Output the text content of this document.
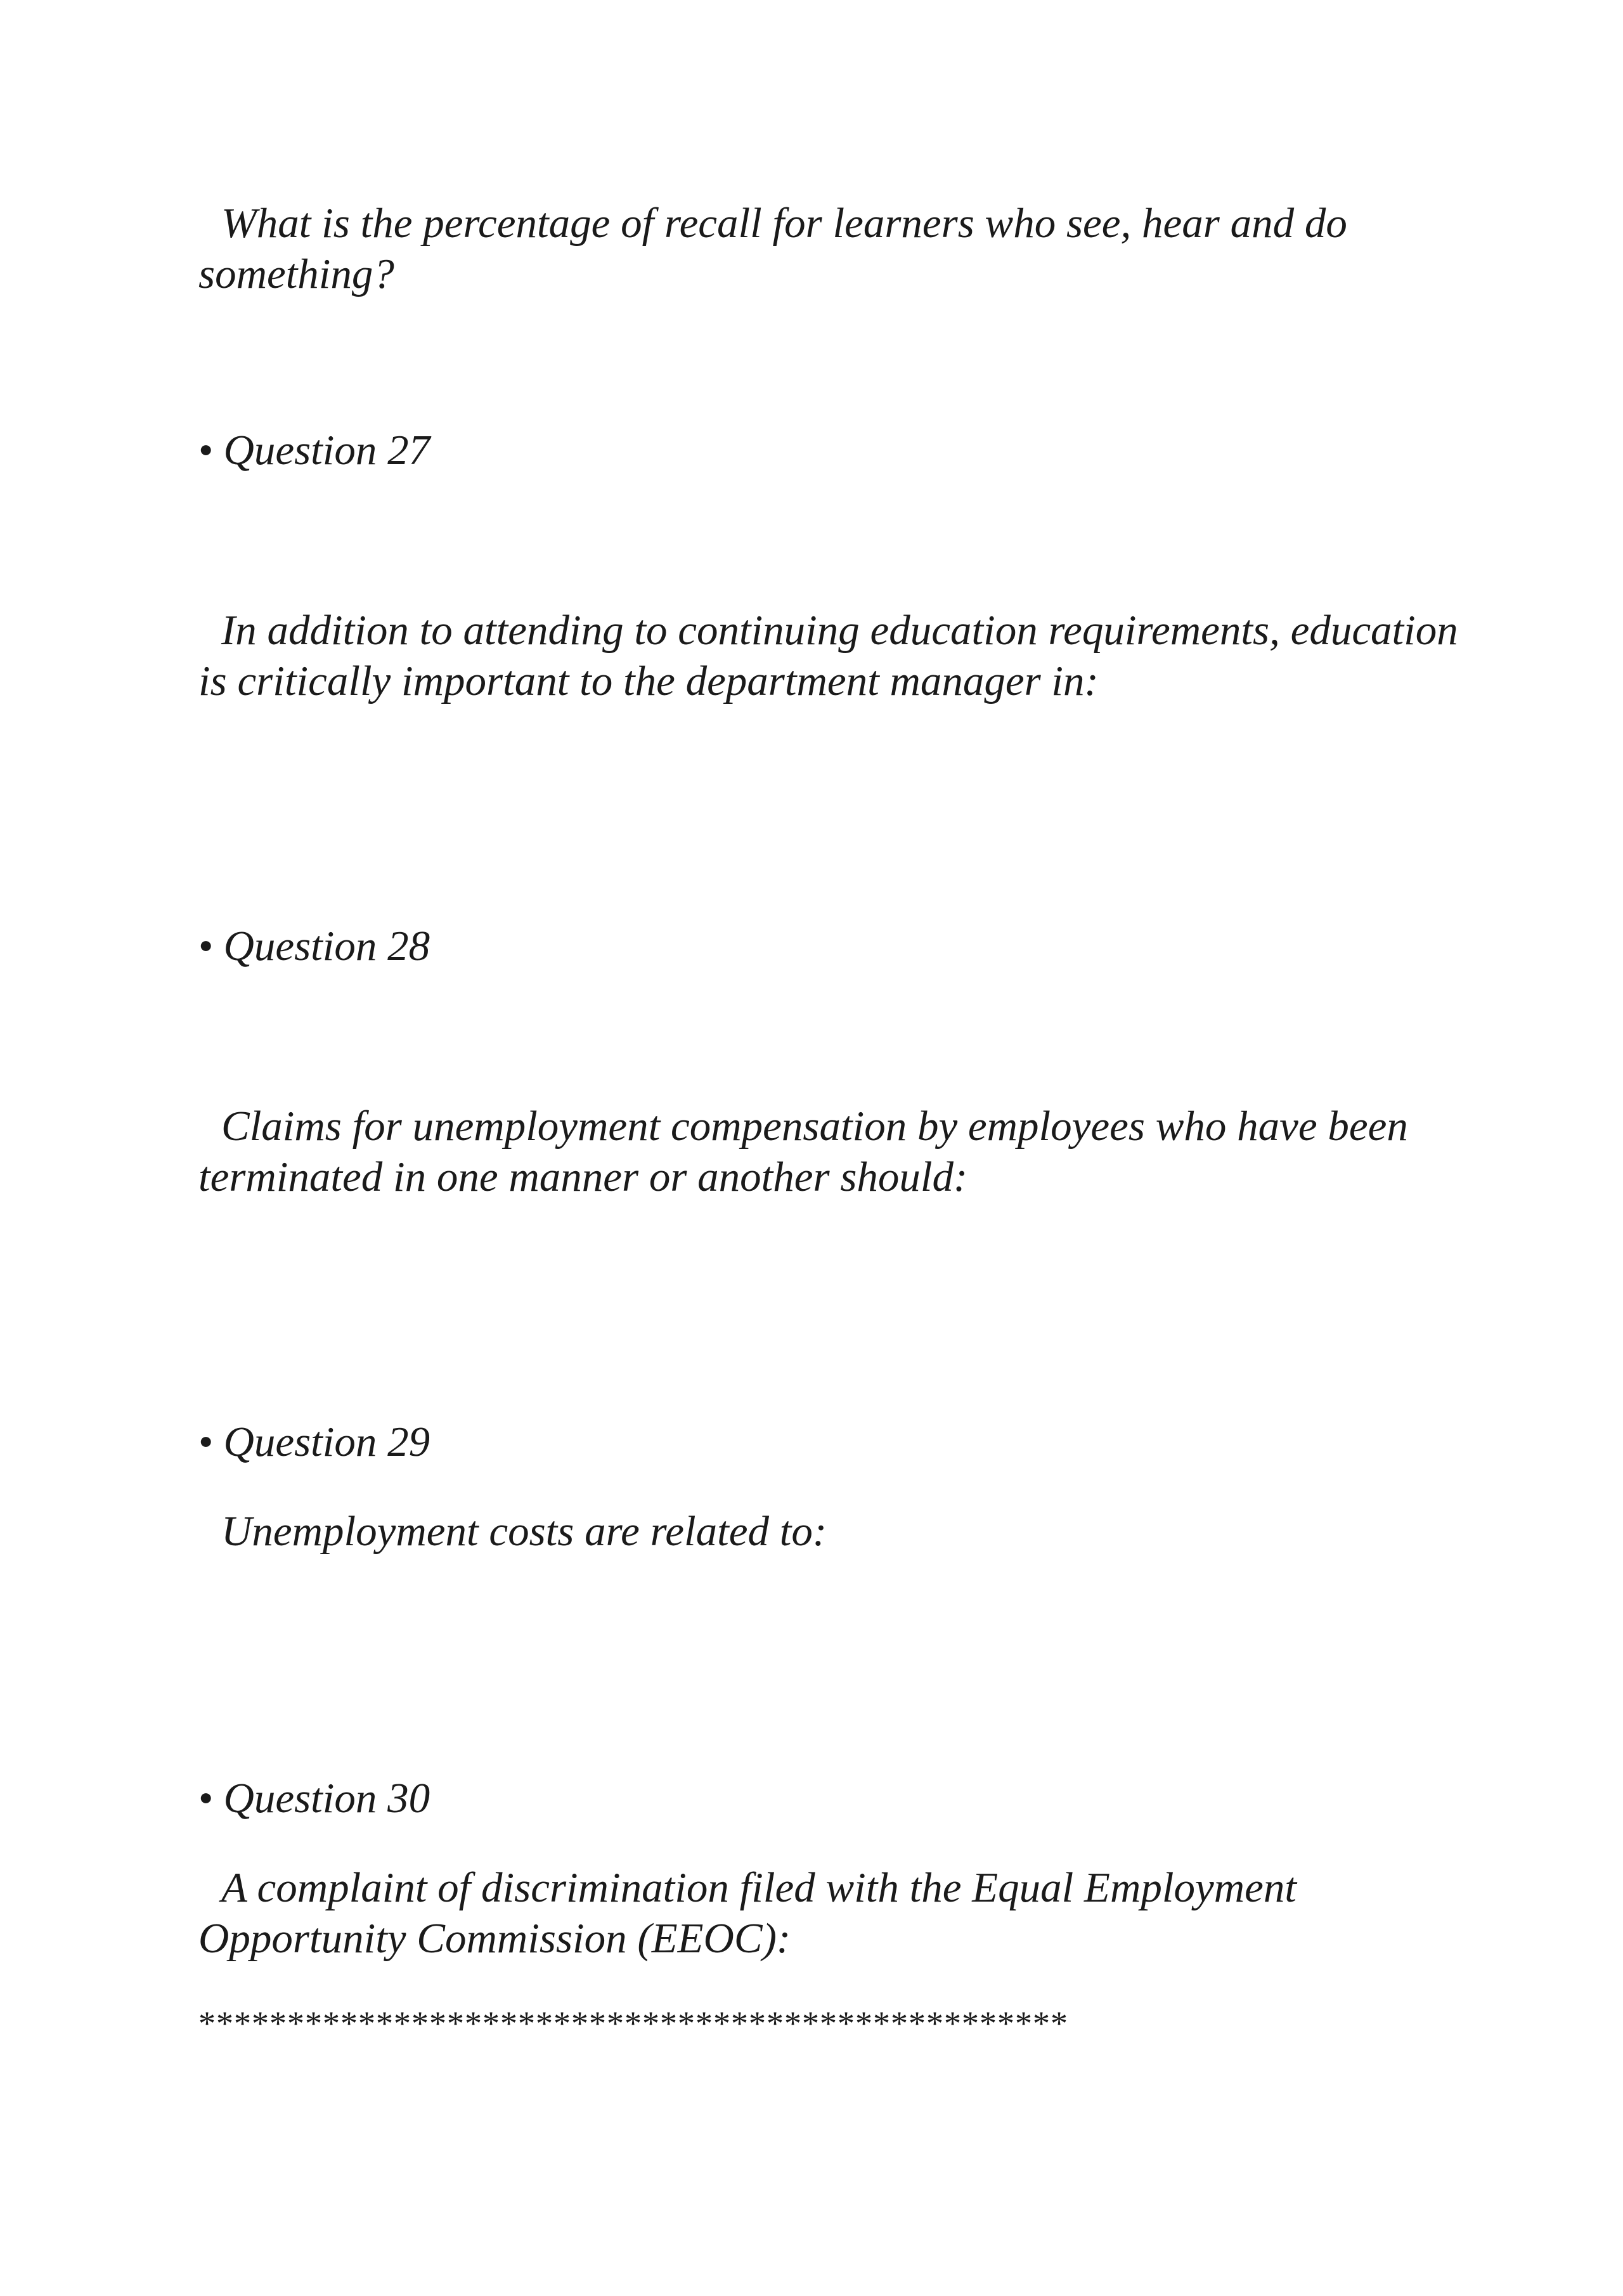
What is the percentage of recall for learners who see, hear and do something?

• Question 27

In addition to attending to continuing education requirements, education is critically important to the department manager in:

• Question 28

Claims for unemployment compensation by employees who have been terminated in one manner or another should:

• Question 29

Unemployment costs are related to:

• Question 30

A complaint of discrimination filed with the Equal Employment Opportunity Commission (EEOC):

*************************************************
